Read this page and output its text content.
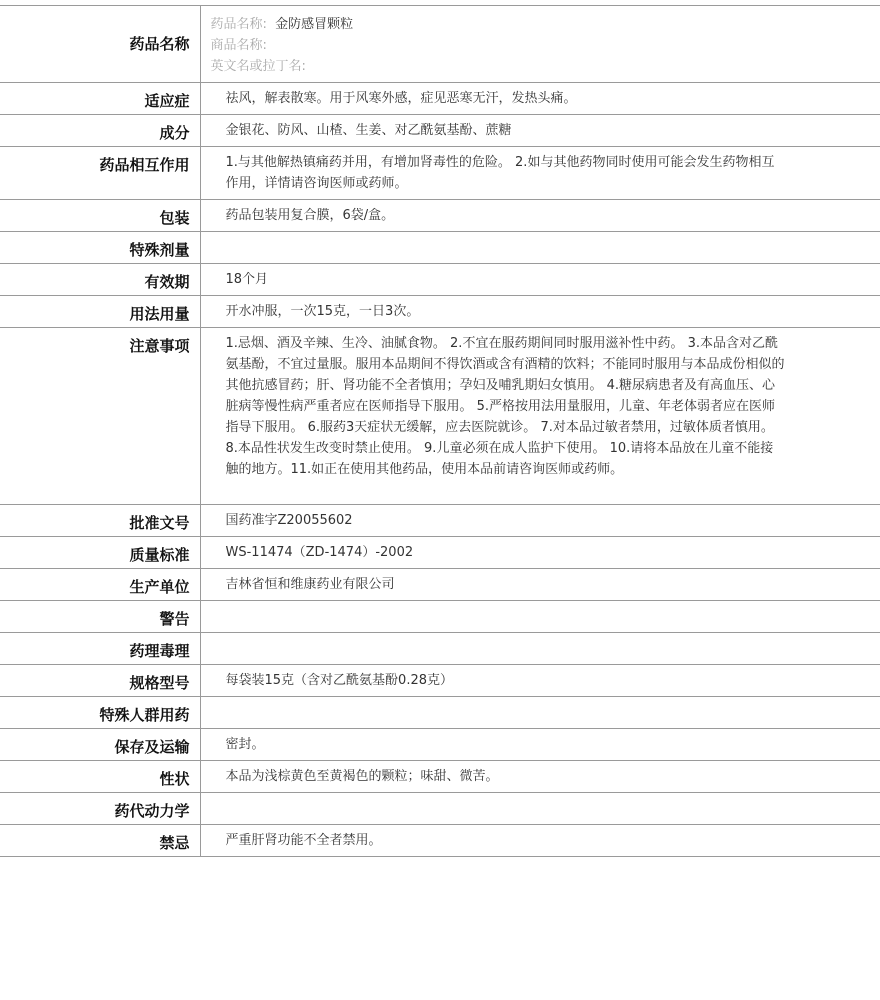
药品名称	药品名称: 金防感冒颗粒
商品名称:
英文名或拉丁名:

适应症	祛风，解表散寒。用于风寒外感，症见恶寒无汗，发热头痛。
成分	金银花、防风、山楂、生姜、对乙酰氨基酚、蔗糖
药品相互作用	1.与其他解热镇痛药并用，有增加肾毒性的危险。 2.如与其他药物同时使用可能会发生药物相互作用，详情请咨询医师或药师。
包装	药品包装用复合膜，6袋/盒。
特殊剂量	
有效期	18个月
用法用量	开水冲服，一次15克，一日3次。
注意事项	1.忌烟、酒及辛辣、生冷、油腻食物。 2.不宜在服药期间同时服用滋补性中药。 3.本品含对乙酰氨基酚，不宜过量服。服用本品期间不得饮酒或含有酒精的饮料；不能同时服用与本品成份相似的其他抗感冒药；肝、肾功能不全者慎用；孕妇及哺乳期妇女慎用。 4.糖尿病患者及有高血压、心脏病等慢性病严重者应在医师指导下服用。 5.严格按用法用量服用，儿童、年老体弱者应在医师指导下服用。 6.服药3天症状无缓解，应去医院就诊。 7.对本品过敏者禁用，过敏体质者慎用。 8.本品性状发生改变时禁止使用。 9.儿童必须在成人监护下使用。 10.请将本品放在儿童不能接触的地方。11.如正在使用其他药品，使用本品前请咨询医师或药师。
批准文号	国药准字Z20055602
质量标准	WS-11474（ZD-1474）-2002
生产单位	吉林省恒和维康药业有限公司
警告	
药理毒理	
规格型号	每袋装15克（含对乙酰氨基酚0.28克）
特殊人群用药	
保存及运输	密封。
性状	本品为浅棕黄色至黄褐色的颗粒；味甜、微苦。
药代动力学	
禁忌	严重肝肾功能不全者禁用。
